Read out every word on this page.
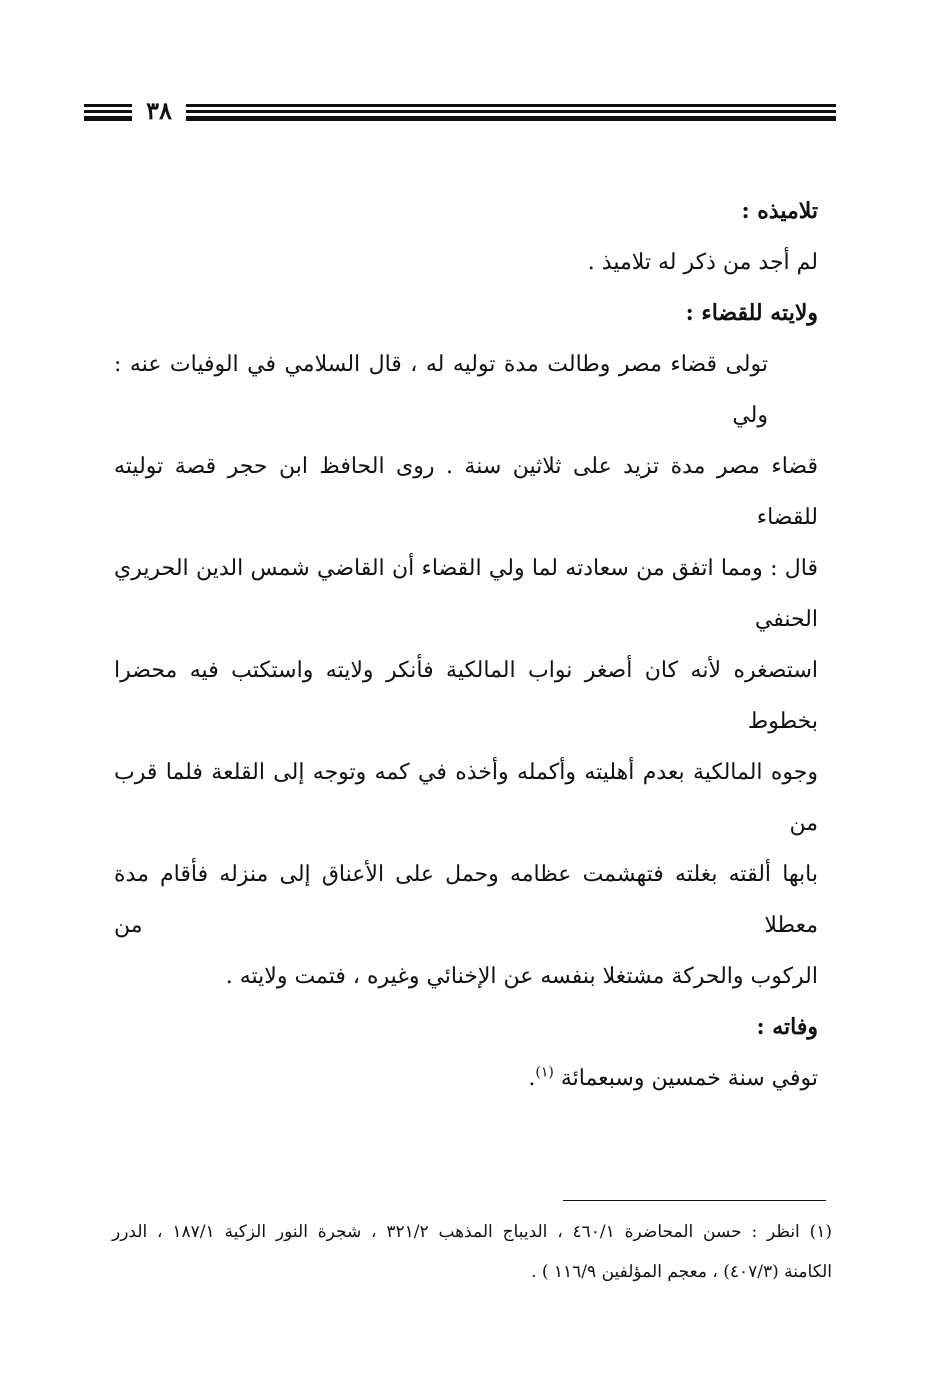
٣٨

تلاميذه :

لم أجد من ذكر له تلاميذ .

ولايته للقضاء :

تولى قضاء مصر وطالت مدة توليه له ، قال السلامي في الوفيات عنه : ولي

قضاء مصر مدة تزيد على ثلاثين سنة . روى الحافظ ابن حجر قصة توليته للقضاء

قال : ومما اتفق من سعادته لما ولي القضاء أن القاضي شمس الدين الحريري الحنفي

استصغره لأنه كان أصغر نواب المالكية فأنكر ولايته واستكتب فيه محضرا بخطوط

وجوه المالكية بعدم أهليته وأكمله وأخذه في كمه وتوجه إلى القلعة فلما قرب من

بابها ألقته بغلته فتهشمت عظامه وحمل على الأعناق إلى منزله فأقام مدة معطلا من

الركوب والحركة مشتغلا بنفسه عن الإخنائي وغيره ، فتمت ولايته .

وفاته :

توفي سنة خمسين وسبعمائة $^{(١)}$.

(١) انظر : حسن المحاضرة ٤٦٠/١ ، الديباج المذهب ٣٢١/٢ ، شجرة النور الزكية ١٨٧/١ ، الدرر

الكامنة (٤٠٧/٣) ، معجم المؤلفين ١١٦/٩ ) .
